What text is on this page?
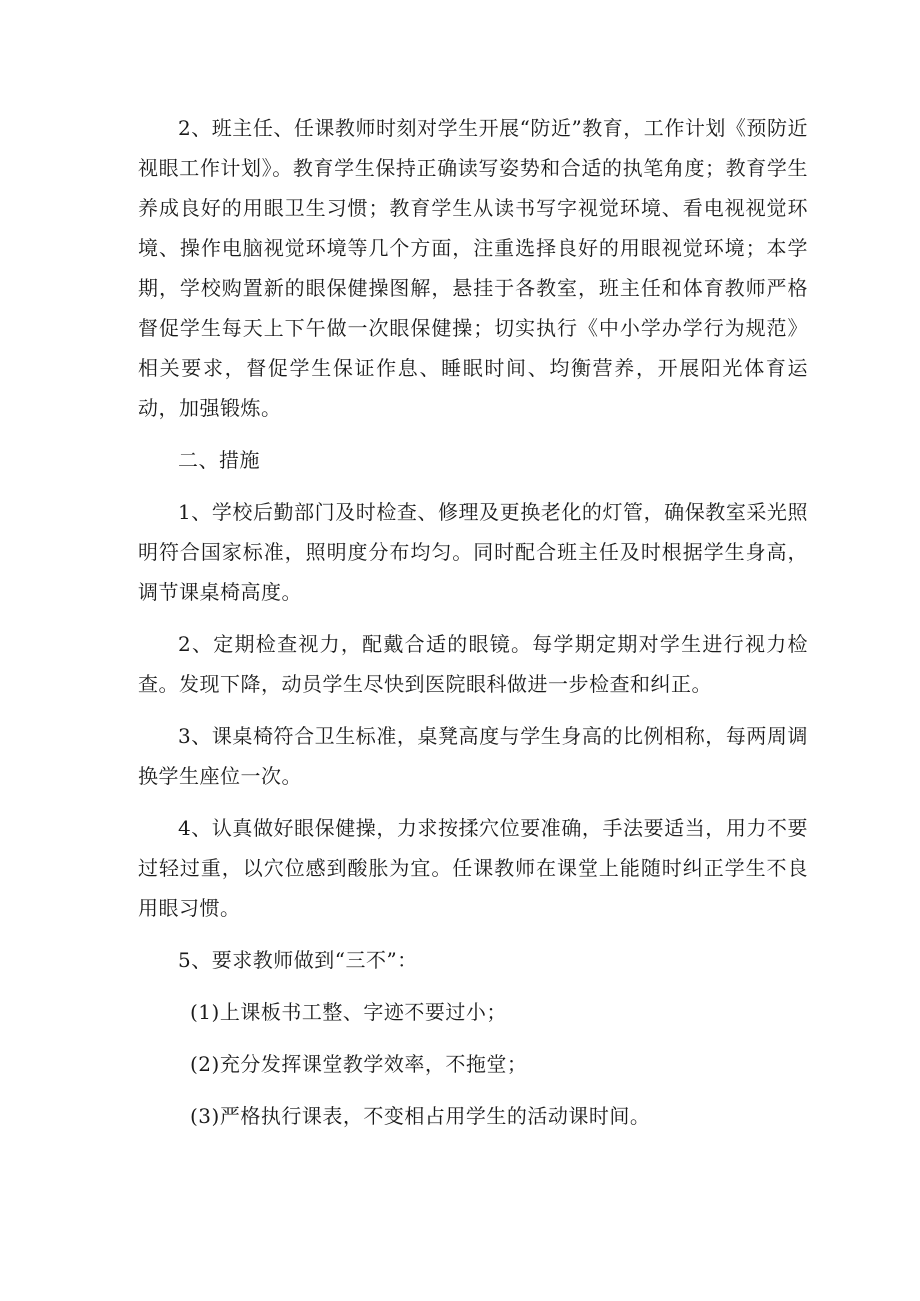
2、班主任、任课教师时刻对学生开展“防近”教育，工作计划《预防近视眼工作计划》。教育学生保持正确读写姿势和合适的执笔角度；教育学生养成良好的用眼卫生习惯；教育学生从读书写字视觉环境、看电视视觉环境、操作电脑视觉环境等几个方面，注重选择良好的用眼视觉环境；本学期，学校购置新的眼保健操图解，悬挂于各教室，班主任和体育教师严格督促学生每天上下午做一次眼保健操；切实执行《中小学办学行为规范》相关要求，督促学生保证作息、睡眠时间、均衡营养，开展阳光体育运动，加强锻炼。

二、措施

1、学校后勤部门及时检查、修理及更换老化的灯管，确保教室采光照明符合国家标准，照明度分布均匀。同时配合班主任及时根据学生身高，调节课桌椅高度。

2、定期检查视力，配戴合适的眼镜。每学期定期对学生进行视力检查。发现下降，动员学生尽快到医院眼科做进一步检查和纠正。

3、课桌椅符合卫生标准，桌凳高度与学生身高的比例相称，每两周调换学生座位一次。

4、认真做好眼保健操，力求按揉穴位要准确，手法要适当，用力不要过轻过重，以穴位感到酸胀为宜。任课教师在课堂上能随时纠正学生不良用眼习惯。

5、要求教师做到“三不”：

(1)上课板书工整、字迹不要过小；

(2)充分发挥课堂教学效率，不拖堂；

(3)严格执行课表，不变相占用学生的活动课时间。
